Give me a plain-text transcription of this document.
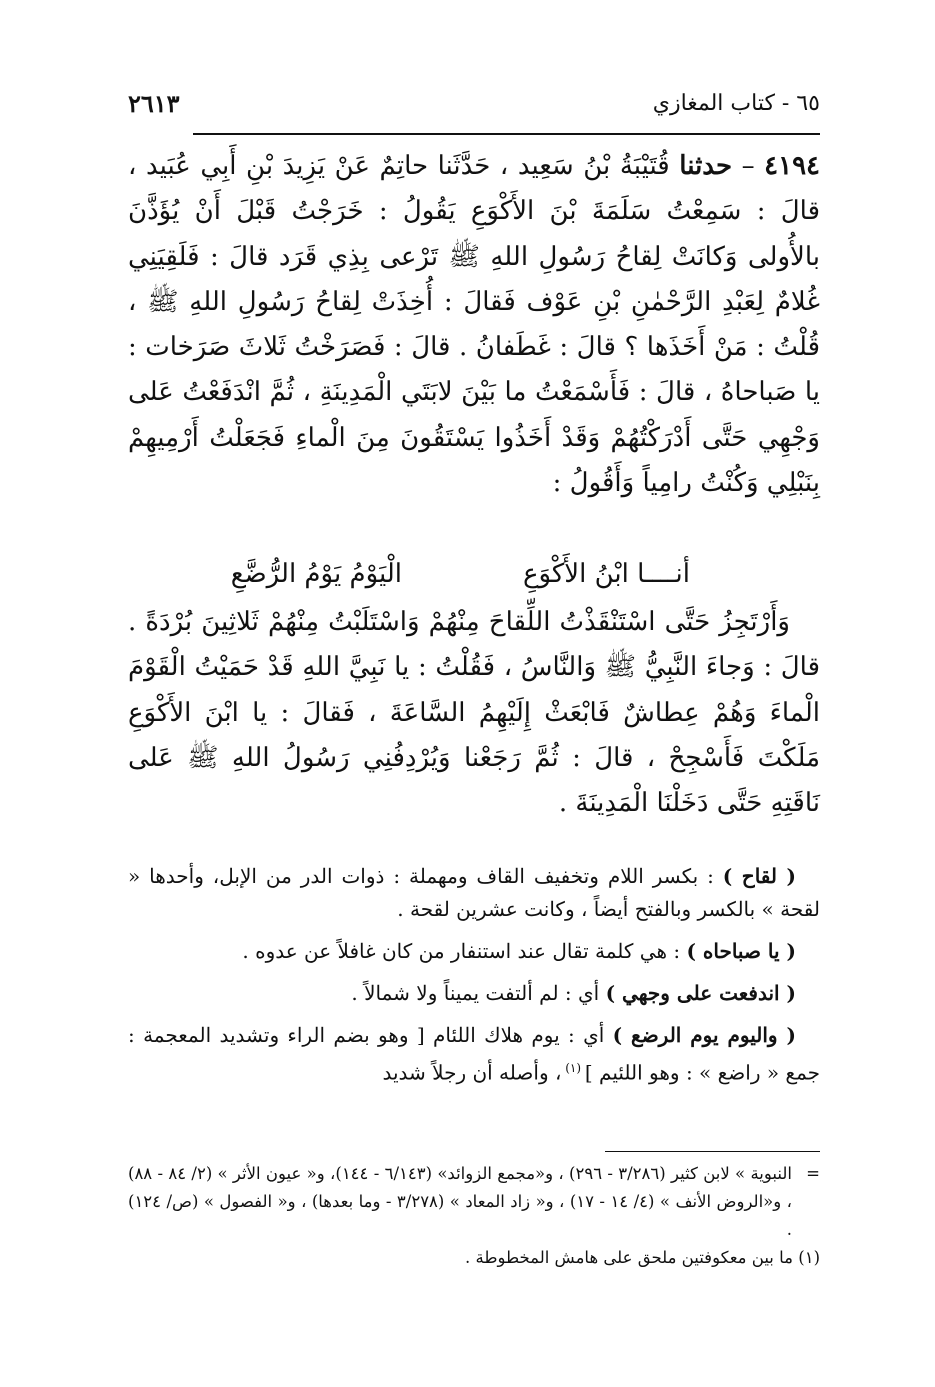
٦٥ - كتاب المغازي
٢٦١٣

٤١٩٤ – حدثنا قُتَيْبَةُ بْنُ سَعِيد ، حَدَّثَنا حاتِمٌ عَنْ يَزِيدَ بْنِ أَبِي عُبَيد ، قالَ : سَمِعْتُ سَلَمَةَ بْنَ الأَكْوَعِ يَقُولُ : خَرَجْتُ قَبْلَ أَنْ يُؤَذَّنَ بالأُولى وَكانَتْ لِقاحُ رَسُولِ اللهِ ﷺ تَرْعى بِذِي قَرَد قالَ : فَلَقِيَنِي غُلامٌ لِعَبْدِ الرَّحْمٰنِ بْنِ عَوْف فَقالَ : أُخِذَتْ لِقاحُ رَسُولِ اللهِ ﷺ ، قُلْتُ : مَنْ أَخَذَها ؟ قالَ : غَطَفانُ . قالَ : فَصَرَخْتُ ثَلاثَ صَرَخات : يا صَباحاهُ ، قالَ : فَأَسْمَعْتُ ما بَيْنَ لابَتَي الْمَدِينَةِ ، ثُمَّ انْدَفَعْتُ عَلى وَجْهِي حَتَّى أَدْرَكْتُهُمْ وَقَدْ أَخَذُوا يَسْتَقُونَ مِنَ الْماءِ فَجَعَلْتُ أَرْمِيهِمْ بِنَبْلِي وَكُنْتُ رامِياً وَأَقُولُ :

أنــــا ابْنُ الأَكْوَعِ
الْيَوْمُ يَوْمُ الرُّضَّعِ

وَأَرْتَجِزُ حَتَّى اسْتَنْقَذْتُ اللِّقاحَ مِنْهُمْ وَاسْتَلَبْتُ مِنْهُمْ ثَلاثِينَ بُرْدَةً . قالَ : وَجاءَ النَّبِيُّ ﷺ وَالنَّاسُ ، فَقُلْتُ : يا نَبِيَّ اللهِ قَدْ حَمَيْتُ الْقَوْمَ الْماءَ وَهُمْ عِطاشٌ فَابْعَثْ إِلَيْهِمُ السَّاعَةَ ، فَقالَ : يا ابْنَ الأَكْوَعِ مَلَكْتَ فَأَسْجِحْ ، قالَ : ثُمَّ رَجَعْنا وَيُرْدِفُنِي رَسُولُ اللهِ ﷺ عَلى نَاقَتِهِ حَتَّى دَخَلْنَا الْمَدِينَةَ .

( لقاح ) : بكسر اللام وتخفيف القاف ومهملة : ذوات الدر من الإبل، وأحدها « لقحة » بالكسر وبالفتح أيضاً ، وكانت عشرين لقحة .

( يا صباحاه ) : هي كلمة تقال عند استنفار من كان غافلاً عن عدوه .

( اندفعت على وجهي ) أي : لم ألتفت يميناً ولا شمالاً .

( واليوم يوم الرضع ) أي : يوم هلاك اللئام [ وهو بضم الراء وتشديد المعجمة : جمع « راضع » : وهو اللئيم ] $^{(١)}$ ، وأصله أن رجلاً شديد

=
النبوية » لابن كثير (٣/٢٨٦ - ٢٩٦) ، و«مجمع الزوائد» (٦/١٤٣ - ١٤٤)، و« عيون الأثر » (٢/ ٨٤ - ٨٨) ، و«الروض الأنف » (٤/ ١٤ - ١٧) ، و« زاد المعاد » (٣/٢٧٨ - وما بعدها) ، و« الفصول » (ص/ ١٢٤) .

(١) ما بين معكوفتين ملحق على هامش المخطوطة .
